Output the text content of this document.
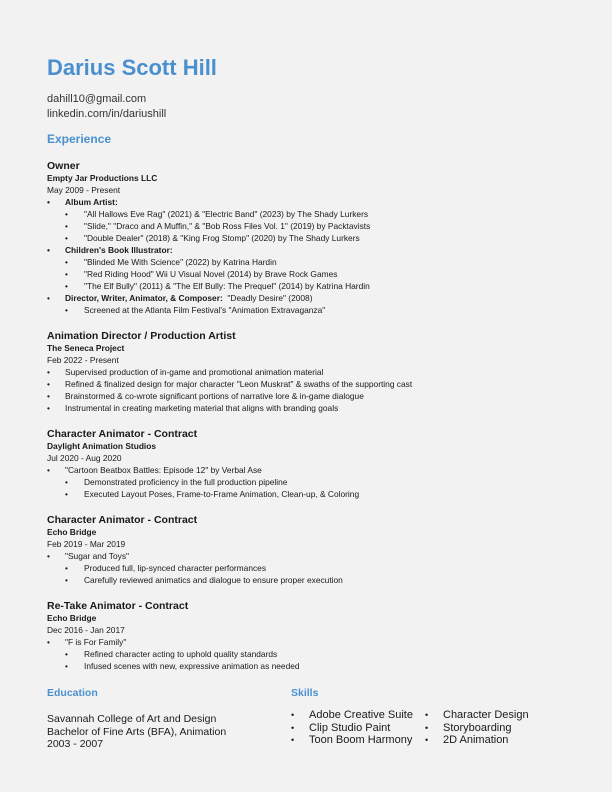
Darius Scott Hill
dahill10@gmail.com
linkedin.com/in/dariushill
Experience
Owner
Empty Jar Productions LLC
May 2009 - Present
• Album Artist:
• "All Hallows Eve Rag" (2021) & "Electric Band" (2023) by The Shady Lurkers
• "Slide," "Draco and A Muffin," & "Bob Ross Files Vol. 1" (2019) by Packtavists
• "Double Dealer" (2018) & "King Frog Stomp" (2020) by The Shady Lurkers
• Children's Book Illustrator:
• "Blinded Me With Science" (2022) by Katrina Hardin
• "Red Riding Hood" Wii U Visual Novel (2014) by Brave Rock Games
• "The Elf Bully" (2011) & "The Elf Bully: The Prequel" (2014) by Katrina Hardin
• Director, Writer, Animator, & Composer: "Deadly Desire" (2008)
• Screened at the Atlanta Film Festival's "Animation Extravaganza"
Animation Director / Production Artist
The Seneca Project
Feb 2022 - Present
• Supervised production of in-game and promotional animation material
• Refined & finalized design for major character "Leon Muskrat" & swaths of the supporting cast
• Brainstormed & co-wrote significant portions of narrative lore & in-game dialogue
• Instrumental in creating marketing material that aligns with branding goals
Character Animator - Contract
Daylight Animation Studios
Jul 2020 - Aug 2020
• "Cartoon Beatbox Battles: Episode 12" by Verbal Ase
• Demonstrated proficiency in the full production pipeline
• Executed Layout Poses, Frame-to-Frame Animation, Clean-up, & Coloring
Character Animator - Contract
Echo Bridge
Feb 2019 - Mar 2019
• "Sugar and Toys"
• Produced full, lip-synced character performances
• Carefully reviewed animatics and dialogue to ensure proper execution
Re-Take Animator - Contract
Echo Bridge
Dec 2016 - Jan 2017
• "F is For Family"
• Refined character acting to uphold quality standards
• Infused scenes with new, expressive animation as needed
Education
Savannah College of Art and Design
Bachelor of Fine Arts (BFA), Animation
2003 - 2007
Skills
• Adobe Creative Suite
• Clip Studio Paint
• Toon Boom Harmony
• Character Design
• Storyboarding
• 2D Animation
